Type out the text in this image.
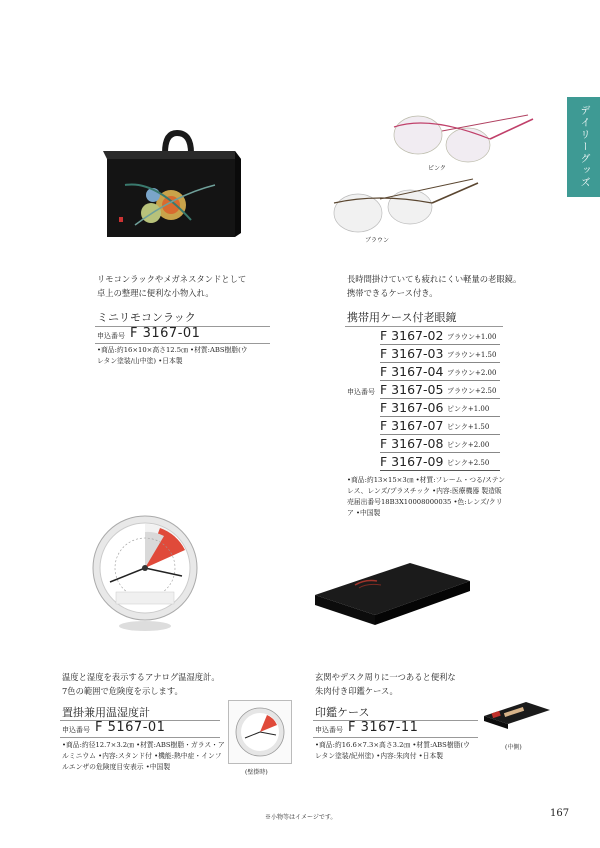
デイリーグッズ
ピンク
ブラウン
リモコンラックやメガネスタンドとして
卓上の整理に便利な小物入れ。
ミニリモコンラック
申込番号 F 3167-01
•商品:約16×10×高さ12.5㎝ •材質:ABS樹脂(ウ
レタン塗装/山中塗) •日本製
長時間掛けていても疲れにくい軽量の老眼鏡。
携帯できるケース付き。
携帯用ケース付老眼鏡
申込番号
F 3167-02 ブラウン+1.00
F 3167-03 ブラウン+1.50
F 3167-04 ブラウン+2.00
F 3167-05 ブラウン+2.50
F 3167-06 ピンク+1.00
F 3167-07 ピンク+1.50
F 3167-08 ピンク+2.00
F 3167-09 ピンク+2.50
•商品:約13×15×3㎝ •材質:フレーム・つる/ステン
レス、レンズ/プラスチック •内容:医療機器 製造販
売届出番号18B3X10008000035 •色:レンズ/クリ
ア •中国製
温度と湿度を表示するアナログ温湿度計。
7色の範囲で危険度を示します。
置掛兼用温湿度計
申込番号 F 5167-01
•商品:約径12.7×3.2㎝ •材質:ABS樹脂・ガラス・ア
ルミニウム •内容:スタンド付 •機能:熱中症・インフ
ルエンザの危険度目安表示 •中国製
(壁掛時)
玄関やデスク周りに一つあると便利な
朱肉付き印鑑ケース。
印鑑ケース
申込番号 F 3167-11
•商品:約16.6×7.3×高さ3.2㎝ •材質:ABS樹脂(ウ
レタン塗装/紀州塗) •内容:朱肉付 •日本製
(中側)
※小物等はイメージです。	167
